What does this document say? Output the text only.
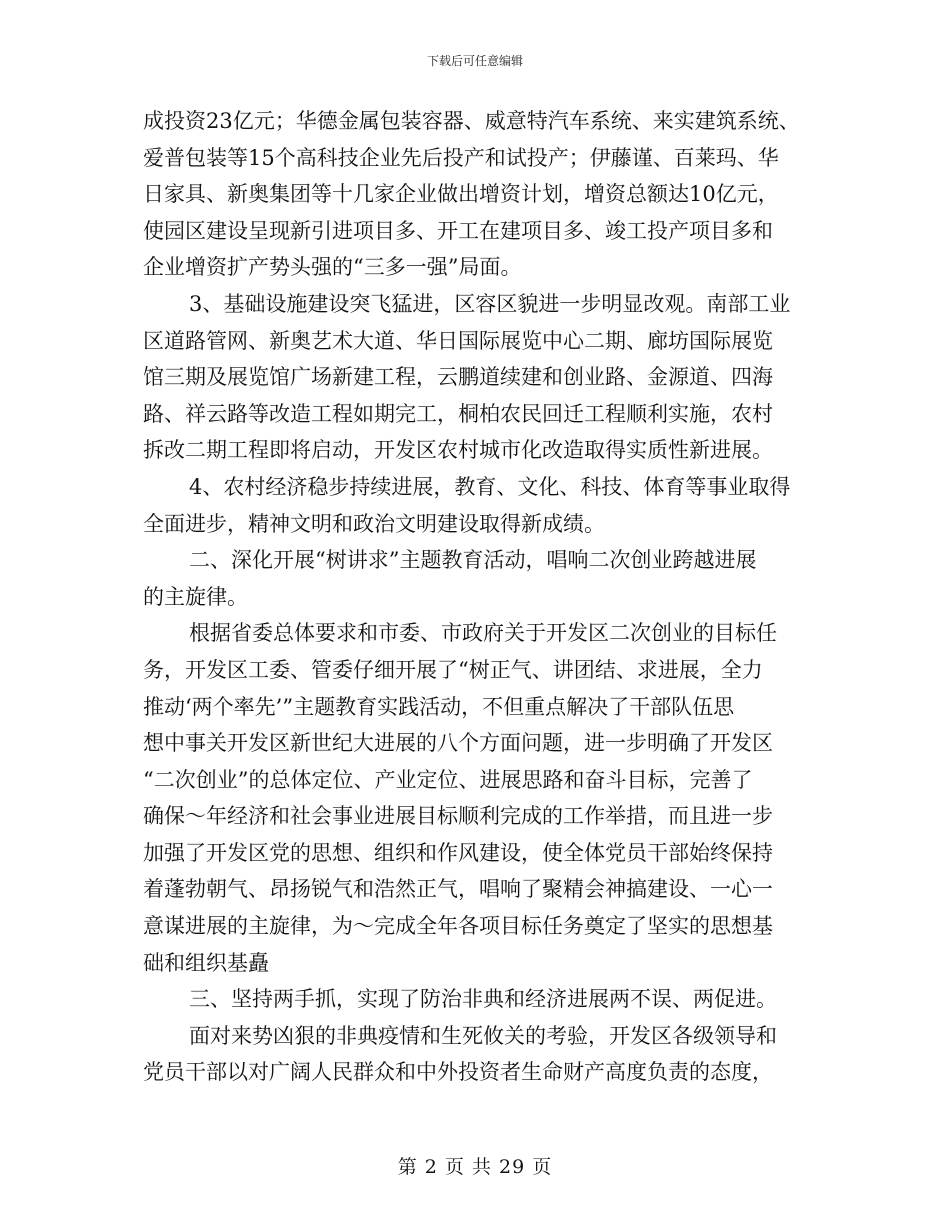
下载后可任意编辑
成投资23亿元；华德金属包装容器、威意特汽车系统、来实建筑系统、
爱普包装等15个高科技企业先后投产和试投产；伊藤谨、百莱玛、华
日家具、新奥集团等十几家企业做出增资计划，增资总额达10亿元，
使园区建设呈现新引进项目多、开工在建项目多、竣工投产项目多和
企业增资扩产势头强的“三多一强”局面。
3、基础设施建设突飞猛进，区容区貌进一步明显改观。南部工业
区道路管网、新奥艺术大道、华日国际展览中心二期、廊坊国际展览
馆三期及展览馆广场新建工程，云鹏道续建和创业路、金源道、四海
路、祥云路等改造工程如期完工，桐柏农民回迁工程顺利实施，农村
拆改二期工程即将启动，开发区农村城市化改造取得实质性新进展。
4、农村经济稳步持续进展，教育、文化、科技、体育等事业取得
全面进步，精神文明和政治文明建设取得新成绩。
二、深化开展“树讲求”主题教育活动，唱响二次创业跨越进展
的主旋律。
根据省委总体要求和市委、市政府关于开发区二次创业的目标任
务，开发区工委、管委仔细开展了“树正气、讲团结、求进展，全力
推动‘两个率先’”主题教育实践活动，不但重点解决了干部队伍思
想中事关开发区新世纪大进展的八个方面问题，进一步明确了开发区
“二次创业”的总体定位、产业定位、进展思路和奋斗目标，完善了
确保～年经济和社会事业进展目标顺利完成的工作举措，而且进一步
加强了开发区党的思想、组织和作风建设，使全体党员干部始终保持
着蓬勃朝气、昂扬锐气和浩然正气，唱响了聚精会神搞建设、一心一
意谋进展的主旋律，为～完成全年各项目标任务奠定了坚实的思想基
础和组织基矗
三、坚持两手抓，实现了防治非典和经济进展两不误、两促进。
面对来势凶狠的非典疫情和生死攸关的考验，开发区各级领导和
党员干部以对广阔人民群众和中外投资者生命财产高度负责的态度，
第 2 页 共 29 页
